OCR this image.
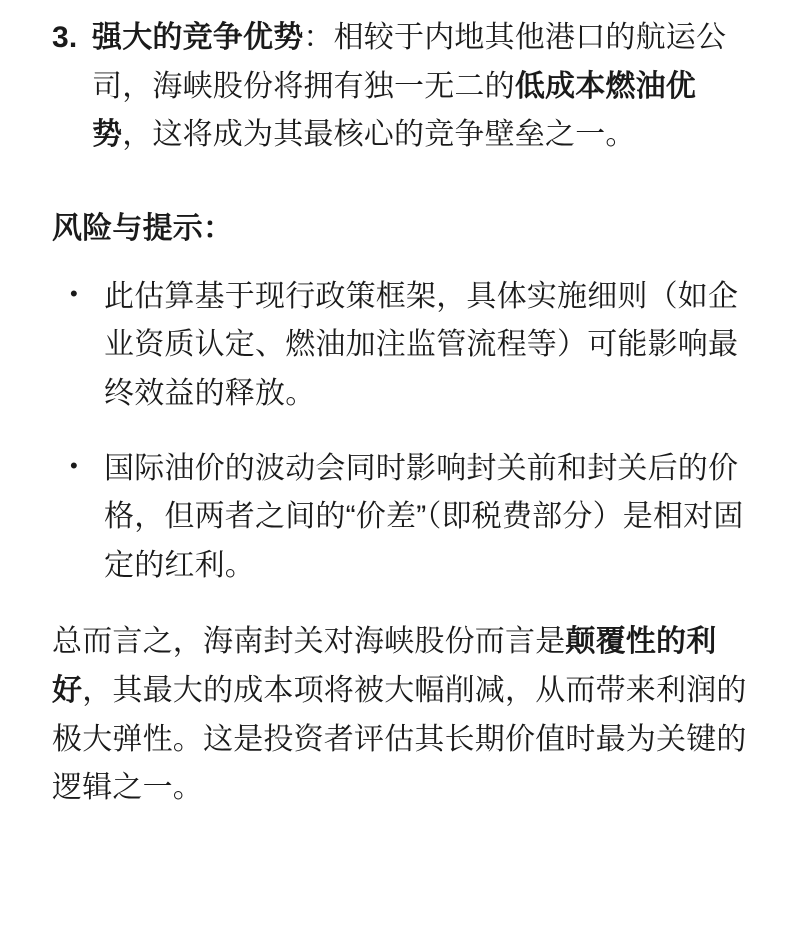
3. 强大的竞争优势：相较于内地其他港口的航运公司，海峡股份将拥有独一无二的低成本燃油优势，这将成为其最核心的竞争壁垒之一。
风险与提示：
• 此估算基于现行政策框架，具体实施细则（如企业资质认定、燃油加注监管流程等）可能影响最终效益的释放。
• 国际油价的波动会同时影响封关前和封关后的价格，但两者之间的“价差”（即税费部分）是相对固定的红利。
总而言之，海南封关对海峡股份而言是颠覆性的利好，其最大的成本项将被大幅削减，从而带来利润的极大弹性。这是投资者评估其长期价值时最为关键的逻辑之一。
